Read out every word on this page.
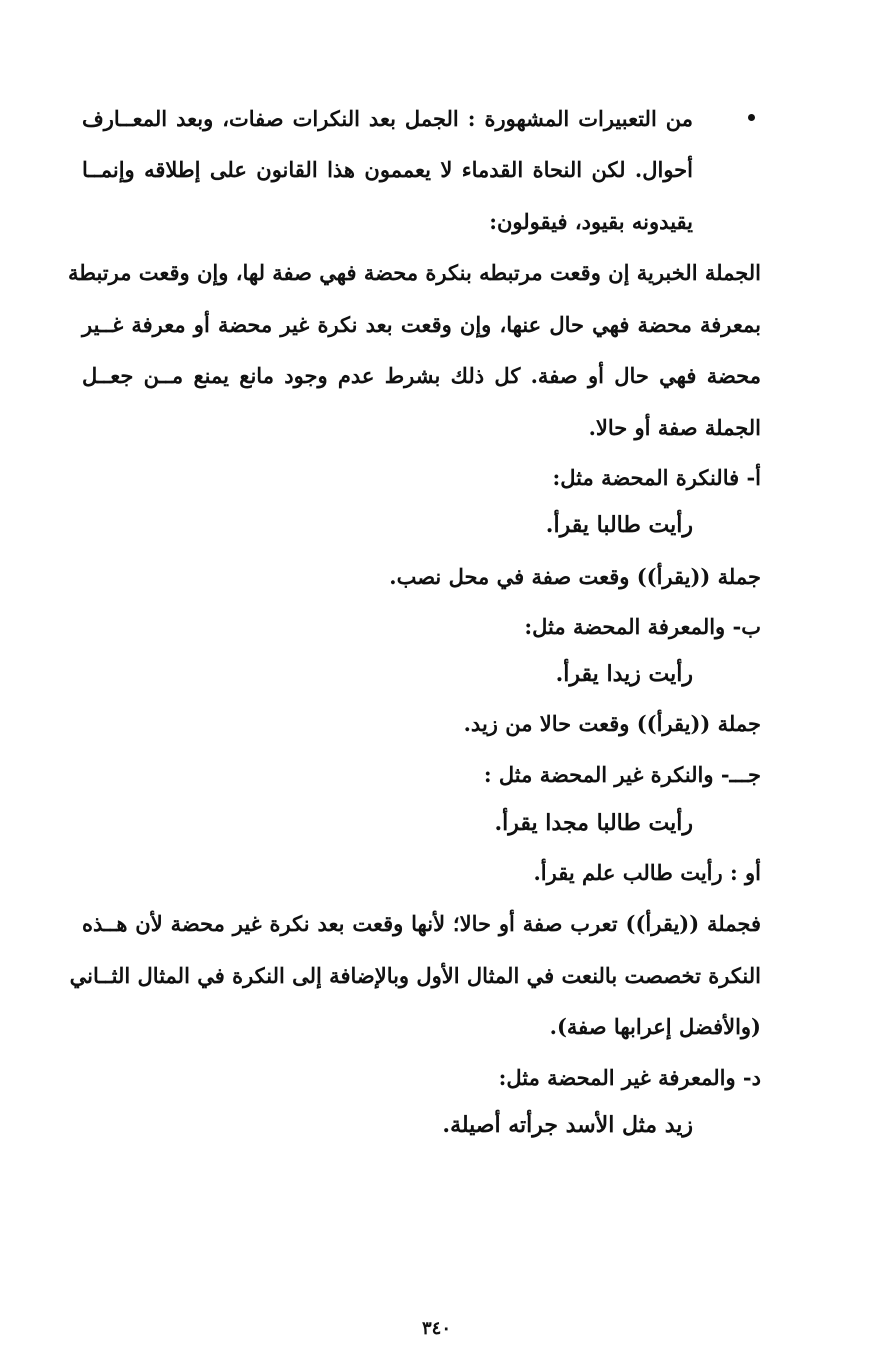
من التعبيرات المشهورة : الجمل بعد النكرات صفات، وبعد المعــارف
أحوال. لكن النحاة القدماء لا يعممون هذا القانون على إطلاقه وإنمــا
يقيدونه بقيود، فيقولون:
الجملة الخبرية إن وقعت مرتبطه بنكرة محضة فهي صفة لها، وإن وقعت مرتبطة
بمعرفة محضة فهي حال عنها، وإن وقعت بعد نكرة غير محضة أو معرفة غــير
محضة فهي حال أو صفة. كل ذلك بشرط عدم وجود مانع يمنع مــن جعــل
الجملة صفة أو حالا.
أ- فالنكرة المحضة مثل:
رأيت طالبا يقرأ.
جملة ((يقرأ)) وقعت صفة في محل نصب.
ب- والمعرفة المحضة مثل:
رأيت زيدا يقرأ.
جملة ((يقرأ)) وقعت حالا من زيد.
جـــ- والنكرة غير المحضة مثل :
رأيت طالبا مجدا يقرأ.
أو : رأيت طالب علم يقرأ.
فجملة ((يقرأ)) تعرب صفة أو حالا؛ لأنها وقعت بعد نكرة غير محضة لأن هــذه
النكرة تخصصت بالنعت في المثال الأول وبالإضافة إلى النكرة في المثال الثــاني
(والأفضل إعرابها صفة).
د- والمعرفة غير المحضة مثل:
زيد مثل الأسد جرأته أصيلة.
٣٤٠
